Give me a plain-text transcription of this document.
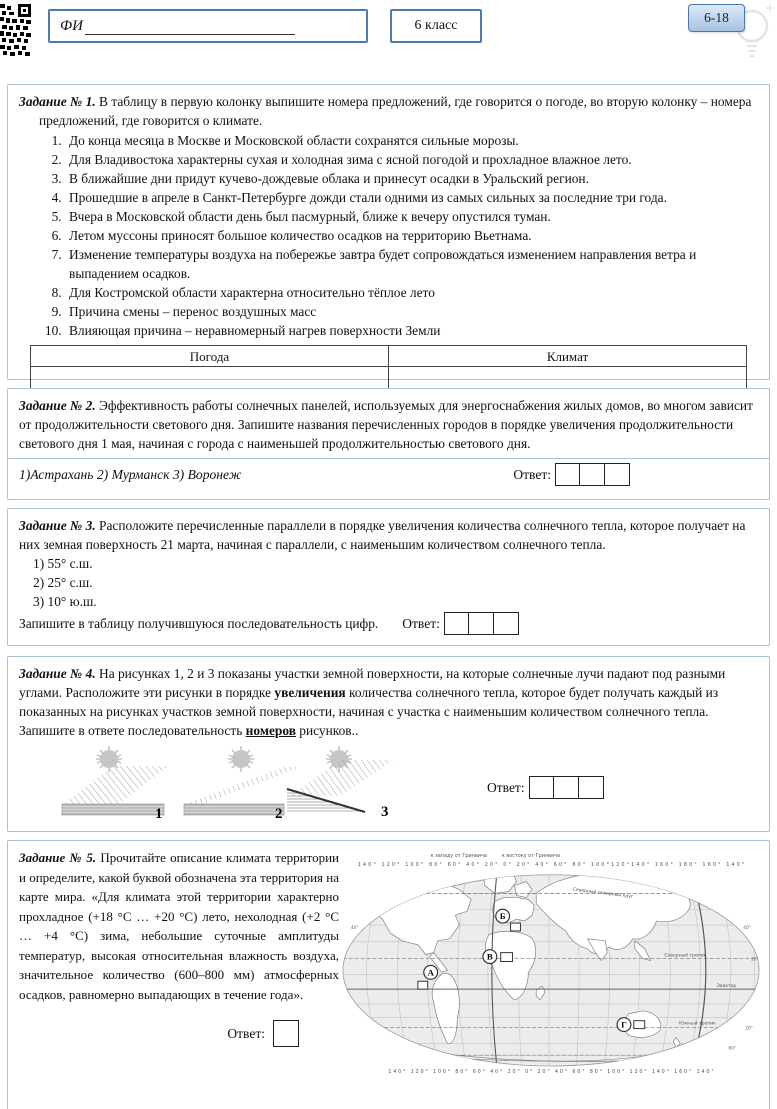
ФИ	6 класс
6-18
Задание № 1. В таблицу в первую колонку выпишите номера предложений, где говорится о погоде, во вторую колонку – номера предложений, где говорится о климате.
1. До конца месяца в Москве и Московской области сохранятся сильные морозы.
2. Для Владивостока характерны сухая и холодная зима с ясной погодой и прохладное влажное лето.
3. В ближайшие дни придут кучево-дождевые облака и принесут осадки в Уральский регион.
4. Прошедшие в апреле в Санкт-Петербурге дожди стали одними из самых сильных за последние три года.
5. Вчера в Московской области день был пасмурный, ближе к вечеру опустился туман.
6. Летом муссоны приносят большое количество осадков на территорию Вьетнама.
7. Изменение температуры воздуха на побережье завтра будет сопровождаться изменением направления ветра и выпадением осадков.
8. Для Костромской области характерна относительно тёплое лето
9. Причина смены – перенос воздушных масс
10. Влияющая причина – неравномерный нагрев поверхности Земли
Погода	Климат

Задание № 2. Эффективность работы солнечных панелей, используемых для энергоснабжения жилых домов, во многом зависит от продолжительности светового дня. Запишите названия перечисленных городов в порядке увеличения продолжительности светового дня 1 мая, начиная с города с наименьшей продолжительностью светового дня.
1)Астрахань 2) Мурманск 3) Воронеж	Ответ:
Задание № 3. Расположите перечисленные параллели в порядке увеличения количества солнечного тепла, которое получает на них земная поверхность 21 марта, начиная с параллели, с наименьшим количеством солнечного тепла.
1) 55° с.ш.
2) 25° с.ш.
3) 10° ю.ш.
Запишите в таблицу получившуюся последовательность цифр. Ответ:
Задание № 4. На рисунках 1, 2 и 3 показаны участки земной поверхности, на которые солнечные лучи падают под разными углами. Расположите эти рисунки в порядке увеличения количества солнечного тепла, которое будет получать каждый из показанных на рисунках участков земной поверхности, начиная с участка с наименьшим количеством солнечного тепла. Запишите в ответе последовательность номеров рисунков..
1	2	3
Ответ:
Задание № 5. Прочитайте описание климата территории и определите, какой буквой обозначена эта территория на карте мира. «Для климата этой территории характерно прохладное (+18 °С … +20 °С) лето, нехолодная (+2 °С … +4 °С) зима, небольшие суточные амплитуды температур, высокая относительная влажность воздуха, значительное количество (600–800 мм) атмосферных осадков, равномерно выпадающих в течение года».
Ответ:
к западу от Гринвича	к востоку от Гринвича
140° 120° 100° 80° 60° 40° 20° 0° 20° 40° 60° 80° 100°120°140° 160° 180° 160° 140°
Северный полярный круг
Северный тропик
Экватор
Южный тропик
40°	40°
20°
20°
60°
А
Б
В
Г
140° 120° 100° 80° 60° 40° 20° 0° 20° 40° 60° 80° 100° 120° 140° 160° 140°
